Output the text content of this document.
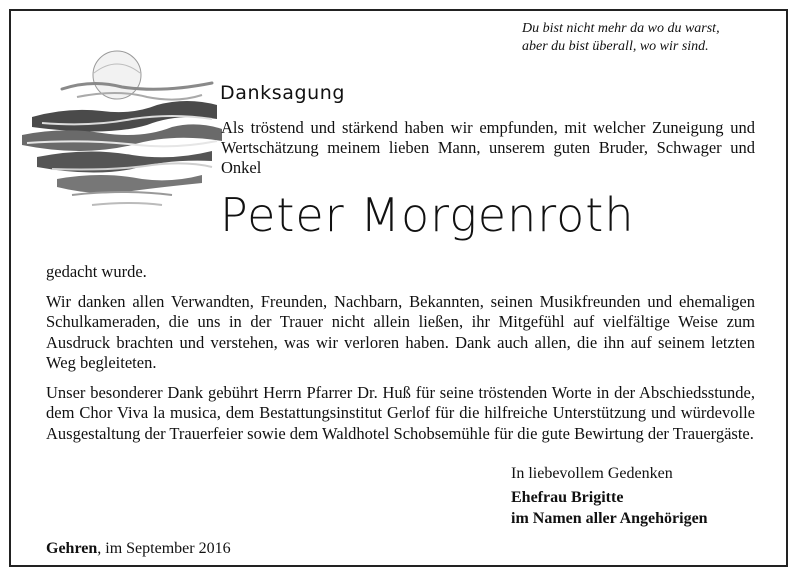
Du bist nicht mehr da wo du warst,
aber du bist überall, wo wir sind.
Danksagung

Als tröstend und stärkend haben wir empfunden, mit welcher Zuneigung und Wertschätzung meinem lieben Mann, unserem guten Bruder, Schwager und Onkel

Peter Morgenroth

gedacht wurde.

Wir danken allen Verwandten, Freunden, Nachbarn, Bekannten, seinen Musikfreunden und ehemaligen Schulkameraden, die uns in der Trauer nicht allein ließen, ihr Mitgefühl auf vielfältige Weise zum Ausdruck brachten und verstehen, was wir verloren haben. Dank auch allen, die ihn auf seinem letzten Weg begleiteten.

Unser besonderer Dank gebührt Herrn Pfarrer Dr. Huß für seine tröstenden Worte in der Abschiedsstunde, dem Chor Viva la musica, dem Bestattungsinstitut Gerlof für die hilfreiche Unterstützung und würdevolle Ausgestaltung der Trauerfeier sowie dem Waldhotel Schobsemühle für die gute Bewirtung der Trauergäste.

In liebevollem Gedenken
Ehefrau Brigitte
im Namen aller Angehörigen
Gehren, im September 2016
